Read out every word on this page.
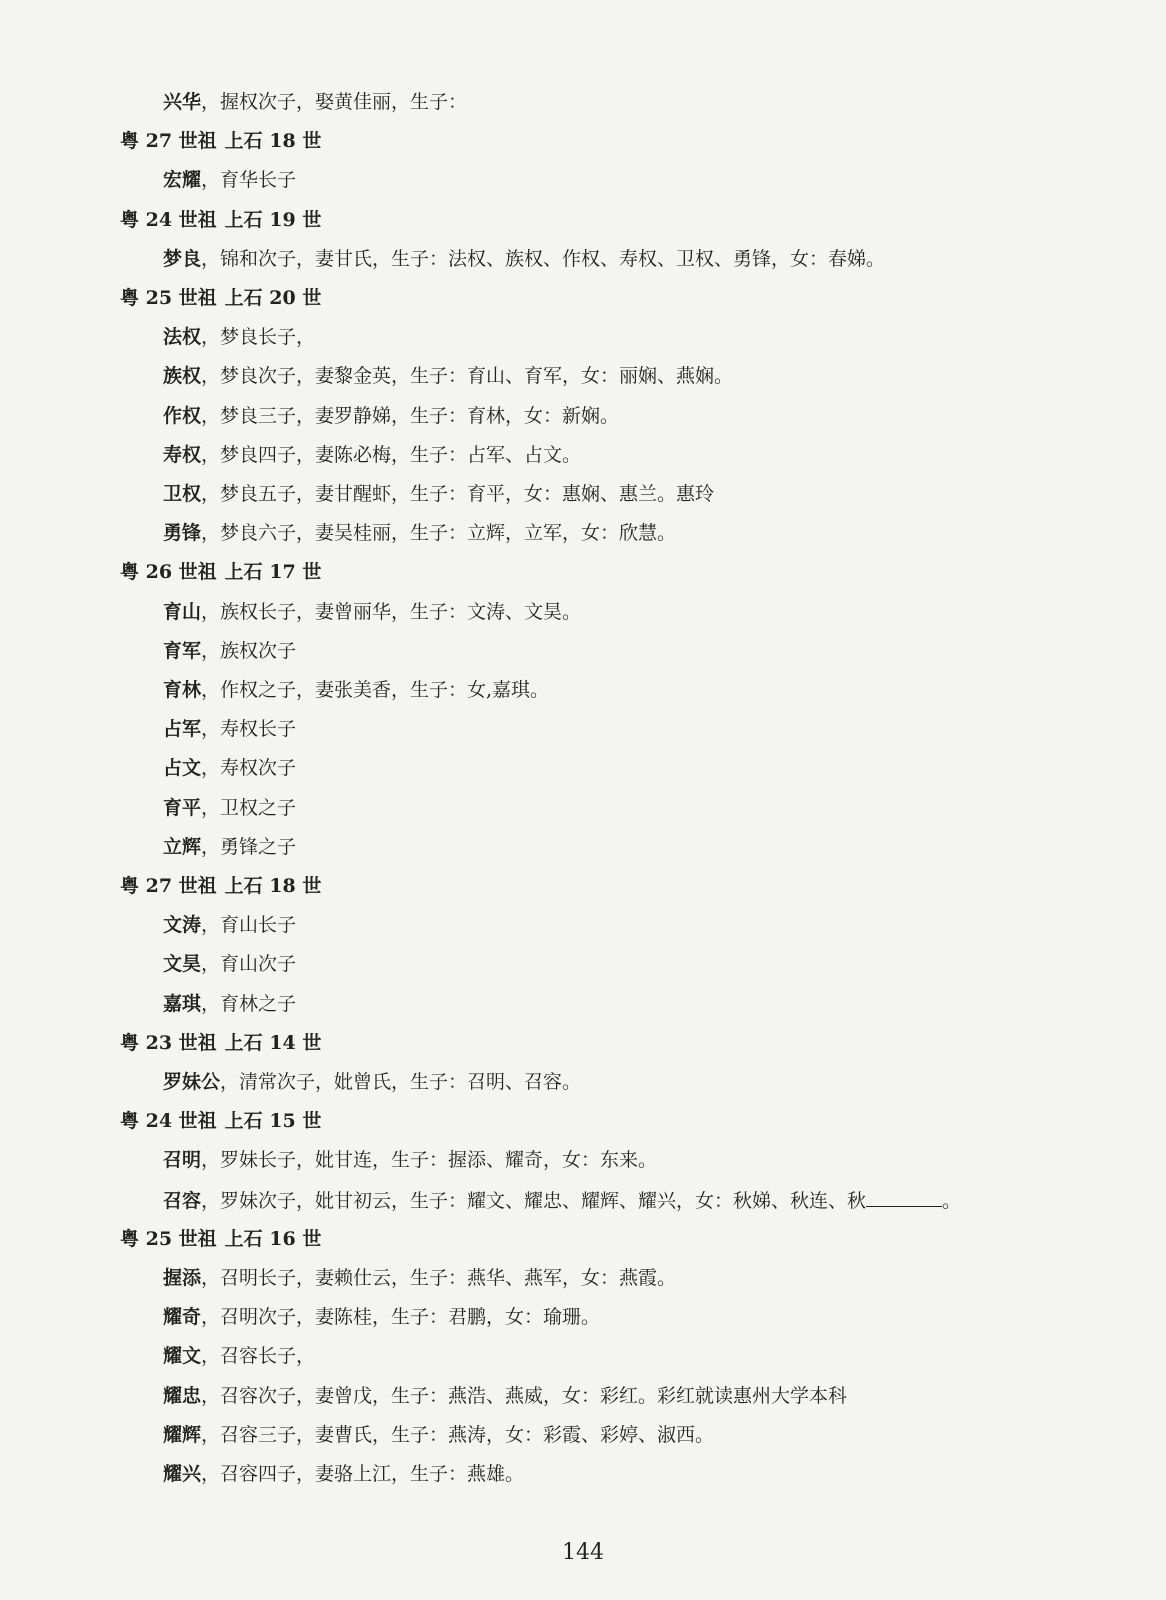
兴华，握权次子，娶黄佳丽，生子：
粤 27 世祖 上石 18 世
宏耀，育华长子
粤 24 世祖 上石 19 世
梦良，锦和次子，妻甘氏，生子：法权、族权、作权、寿权、卫权、勇锋，女：春娣。
粤 25 世祖 上石 20 世
法权，梦良长子，
族权，梦良次子，妻黎金英，生子：育山、育军，女：丽娴、燕娴。
作权，梦良三子，妻罗静娣，生子：育林，女：新娴。
寿权，梦良四子，妻陈必梅，生子：占军、占文。
卫权，梦良五子，妻甘醒虾，生子：育平，女：惠娴、惠兰。惠玲
勇锋，梦良六子，妻吴桂丽，生子：立辉，立军，女：欣慧。
粤 26 世祖 上石 17 世
育山，族权长子，妻曾丽华，生子：文涛、文昊。
育军，族权次子
育林，作权之子，妻张美香，生子：女,嘉琪。
占军，寿权长子
占文，寿权次子
育平，卫权之子
立辉，勇锋之子
粤 27 世祖 上石 18 世
文涛，育山长子
文昊，育山次子
嘉琪，育林之子
粤 23 世祖 上石 14 世
罗妹公，清常次子，妣曾氏，生子：召明、召容。
粤 24 世祖 上石 15 世
召明，罗妹长子，妣甘连，生子：握添、耀奇，女：东来。
召容，罗妹次子，妣甘初云，生子：耀文、耀忠、耀辉、耀兴，女：秋娣、秋连、秋	。
粤 25 世祖 上石 16 世
握添，召明长子，妻赖仕云，生子：燕华、燕军，女：燕霞。
耀奇，召明次子，妻陈桂，生子：君鹏，女：瑜珊。
耀文，召容长子，
耀忠，召容次子，妻曾戊，生子：燕浩、燕威，女：彩红。彩红就读惠州大学本科
耀辉，召容三子，妻曹氏，生子：燕涛，女：彩霞、彩婷、淑西。
耀兴，召容四子，妻骆上江，生子：燕雄。
144
